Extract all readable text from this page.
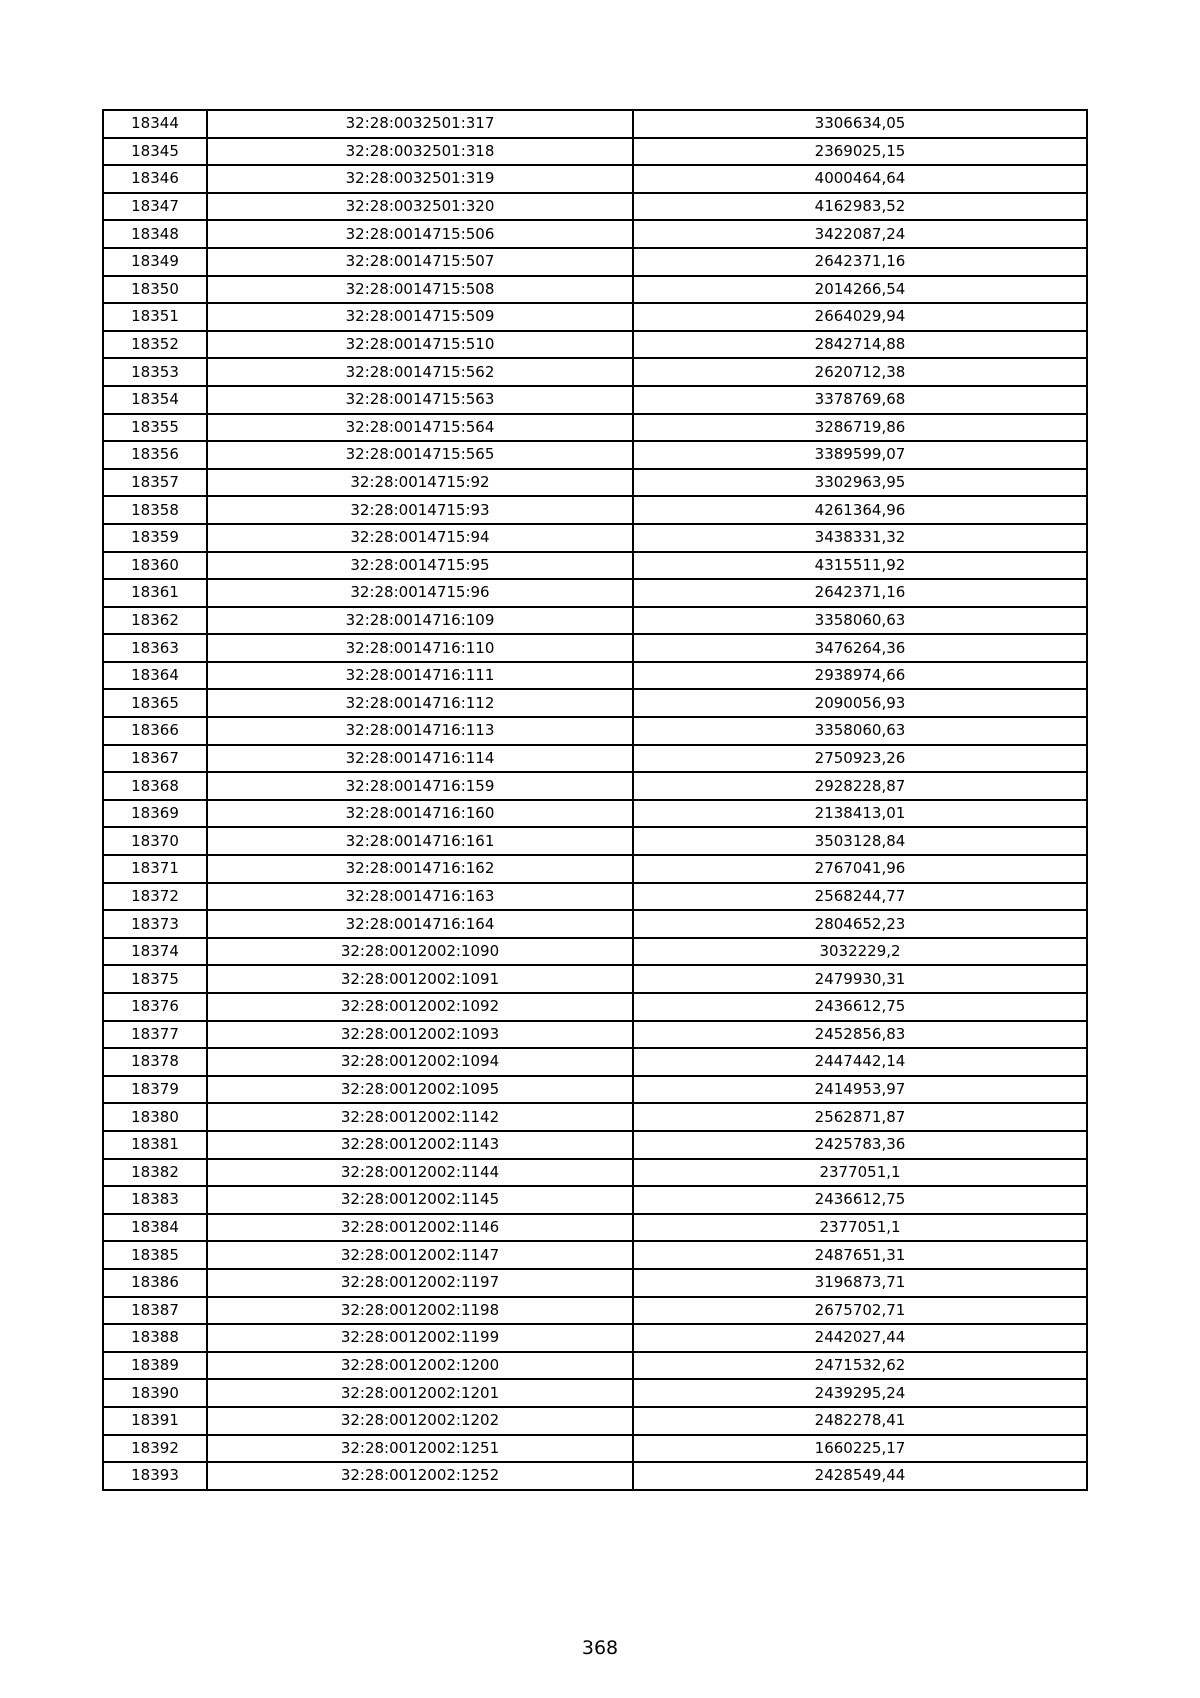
18344	32:28:0032501:317	3306634,05
18345	32:28:0032501:318	2369025,15
18346	32:28:0032501:319	4000464,64
18347	32:28:0032501:320	4162983,52
18348	32:28:0014715:506	3422087,24
18349	32:28:0014715:507	2642371,16
18350	32:28:0014715:508	2014266,54
18351	32:28:0014715:509	2664029,94
18352	32:28:0014715:510	2842714,88
18353	32:28:0014715:562	2620712,38
18354	32:28:0014715:563	3378769,68
18355	32:28:0014715:564	3286719,86
18356	32:28:0014715:565	3389599,07
18357	32:28:0014715:92	3302963,95
18358	32:28:0014715:93	4261364,96
18359	32:28:0014715:94	3438331,32
18360	32:28:0014715:95	4315511,92
18361	32:28:0014715:96	2642371,16
18362	32:28:0014716:109	3358060,63
18363	32:28:0014716:110	3476264,36
18364	32:28:0014716:111	2938974,66
18365	32:28:0014716:112	2090056,93
18366	32:28:0014716:113	3358060,63
18367	32:28:0014716:114	2750923,26
18368	32:28:0014716:159	2928228,87
18369	32:28:0014716:160	2138413,01
18370	32:28:0014716:161	3503128,84
18371	32:28:0014716:162	2767041,96
18372	32:28:0014716:163	2568244,77
18373	32:28:0014716:164	2804652,23
18374	32:28:0012002:1090	3032229,2
18375	32:28:0012002:1091	2479930,31
18376	32:28:0012002:1092	2436612,75
18377	32:28:0012002:1093	2452856,83
18378	32:28:0012002:1094	2447442,14
18379	32:28:0012002:1095	2414953,97
18380	32:28:0012002:1142	2562871,87
18381	32:28:0012002:1143	2425783,36
18382	32:28:0012002:1144	2377051,1
18383	32:28:0012002:1145	2436612,75
18384	32:28:0012002:1146	2377051,1
18385	32:28:0012002:1147	2487651,31
18386	32:28:0012002:1197	3196873,71
18387	32:28:0012002:1198	2675702,71
18388	32:28:0012002:1199	2442027,44
18389	32:28:0012002:1200	2471532,62
18390	32:28:0012002:1201	2439295,24
18391	32:28:0012002:1202	2482278,41
18392	32:28:0012002:1251	1660225,17
18393	32:28:0012002:1252	2428549,44
368
